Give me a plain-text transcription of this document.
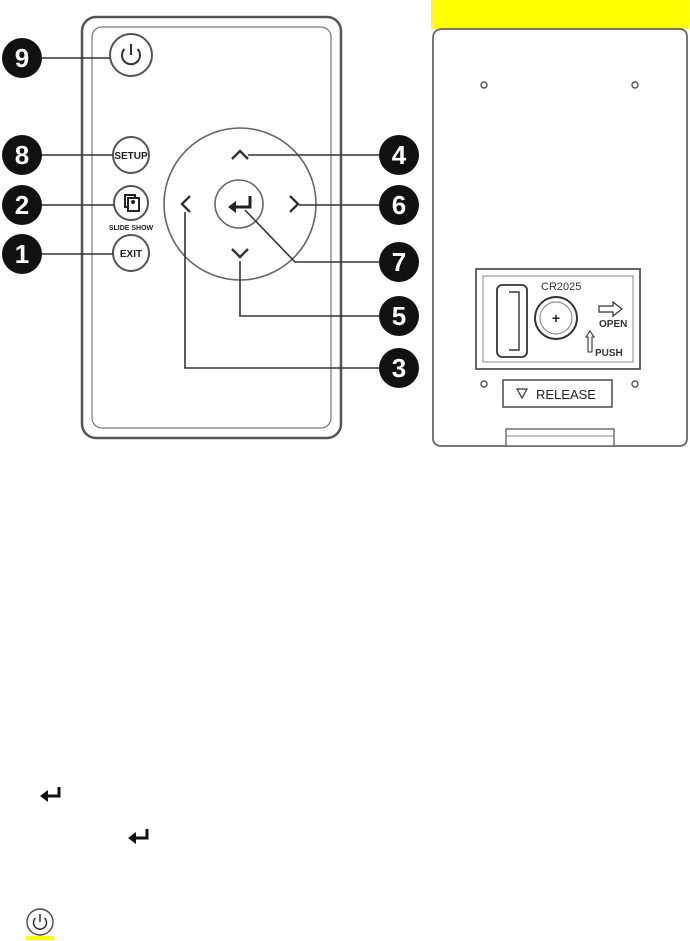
SETUP
SLIDE SHOW
EXIT
9
8
2
1
4
6
7
5
3
+
CR2025
OPEN
PUSH
RELEASE
